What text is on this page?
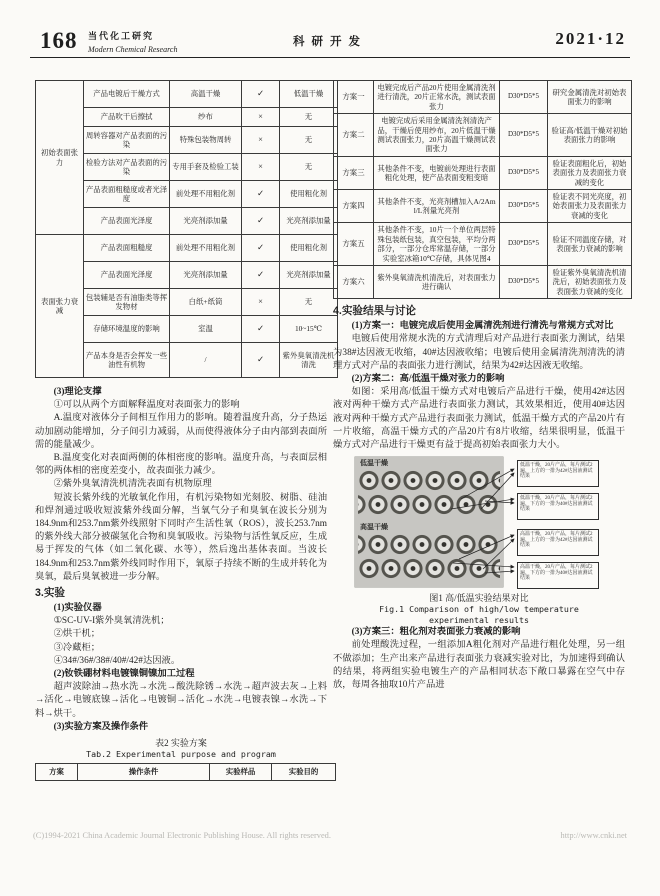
168 当代化工研究
Modern Chemical Research
科研开发	2021·12
初始表面张力	产品电镀后干燥方式	高温干燥	✓	低温干燥
	产品吹干后擦拭	纱布	×	无
	周转容器对产品表面的污染	特殊包装物周转	×	无
	检验方法对产品表面的污染	专用手套及检验工装	×	无
	产品表面粗糙度或者光泽度	前处理不用粗化剂	✓	使用粗化剂
	产品表面光泽度	光亮剂添加量	✓	光亮剂添加量
表面张力衰减	产品表面粗糙度	前处理不用粗化剂	✓	使用粗化剂
	产品表面光泽度	光亮剂添加量	✓	光亮剂添加量
	包装辅是否有油脂类等挥发物材	白纸+纸筒	×	无
	存储环境温度的影响	室温	✓	10~15℃
	产品本身是否会挥发一些油性有机物	/	✓	紫外臭氧清洗机清洗

(3)理论支撑

①可以从两个方面解释温度对表面张力的影响

A.温度对液体分子间相互作用力的影响。随着温度升高，分子热运动加剧动能增加，分子间引力减弱，从而使得液体分子由内部到表面所需的能量减少。

B.温度变化对表面两侧的体相密度的影响。温度升高，与表面层相邻的两体相的密度差变小，故表面张力减少。

②紫外臭氧清洗机清洗表面有机物原理

短波长紫外线的光敏氧化作用，有机污染物如光刻胶、树脂、硅油和焊剂通过吸收短波紫外线面分解，当氧气分子和臭氧在波长分别为184.9nm和253.7nm紫外线照射下同时产生活性氧（ROS），波长253.7nm的紫外线大部分被碳氢化合物和臭氧吸收。污染物与活性氧反应，生成易于挥发的气体（如二氧化碳、水等），然后逸出基体表面。当波长184.9nm和253.7nm紫外线同时作用下，氧原子持续不断的生成并转化为臭氧，最后臭氧被进一步分解。

3.实验

(1)实验仪器

①SC-UV-I紫外臭氧清洗机；

②烘干机；

③冷藏柜；

④34#/36#/38#/40#/42#达因液。

(2)钕铁硼材料电镀镍铜镍加工过程

超声波除油→热水洗→水洗→酸洗除锈→水洗→超声波去灰→上料→活化→电镀底镍→活化→电镀铜→活化→水洗→电镀表镍→水洗→下料→烘干。

(3)实验方案及操作条件

表2 实验方案

Tab.2 Experimental purpose and program

方案	操作条件	实验样品	实验目的
方案一	电镀完成后产品20片使用金属清洗剂进行清洗，20片正常水洗，测试表面张力	D30*D5*5	研究金属清洗对初始表面张力的影响
方案二	电镀完成后采用金属清洗剂清洗产品，干燥后使用纱布，20片低温干燥测试表面张力，20片高温干燥测试表面张力	D30*D5*5	验证高/低温干燥对初始表面张力的影响
方案三	其他条件不变，电镀前处理进行表面粗化处理，使产品表面变粗变暗	D30*D5*5	验证表面粗化后，初始表面张力及表面张力衰减的变化
方案四	其他条件不变，光亮剂槽加入A/2Aml/L剂量光亮剂	D30*D5*5	验证表不同光亮度，初始表面张力及表面张力衰减的变化
方案五	其他条件不变，10片一个单位两层特殊包装纸包装，真空包装，平均分两部分，一部分仓库常温存储，一部分实验室冰箱10℃存储，具体见图4	D30*D5*5	验证不同温度存储，对表面张力衰减的影响
方案六	紫外臭氧清洗机清洗后，对表面张力进行确认	D30*D5*5	验证紫外臭氧清洗机清洗后，初始表面张力及表面张力衰减的变化

4.实验结果与讨论

(1)方案一：电镀完成后使用金属清洗剂进行清洗与常规方式对比

电镀后使用常规水洗的方式清理后对产品进行表面张力测试，结果为38#达因液无收缩，40#达因液收缩；电镀后使用金属清洗剂清洗的清理方式对产品的表面张力进行测试，结果为42#达因液无收缩。

(2)方案二：高/低温干燥对张力的影响

如图：采用高/低温干燥方式对电镀后产品进行干燥，使用42#达因液对两种干燥方式产品进行表面张力测试，其效果相近，使用40#达因液对两种干燥方式产品进行表面张力测试，低温干燥方式的产品20片有一片收缩，高温干燥方式的产品20片有8片收缩，结果很明显，低温干燥方式对产品进行干燥更有益于提高初始表面张力大小。

低温干燥
高温干燥
低温干燥，20片产品，每片测试2遍，上方的一排为42#达因液测试结果
低温干燥，20片产品，每片测试2遍，下方的一排为40#达因液测试结果
高温干燥，20片产品，每片测试2遍，上方的一排为42#达因液测试结果
高温干燥，20片产品，每片测试2遍，下方的一排为40#达因液测试结果

图1 高/低温实验结果对比

Fig.1 Comparison of high/low temperature

experimental results

(3)方案三：粗化剂对表面张力衰减的影响

前处理酸洗过程，一组添加A粗化剂对产品进行粗化处理，另一组不做添加；生产出来产品进行表面张力衰减实验对比，为加速得到确认的结果，将两组实验电镀生产的产品相同状态下敞口暴露在空气中存放，每周各抽取10片产品进

(C)1994-2021 China Academic Journal Electronic Publishing House. All rights reserved.	http://www.cnki.net
